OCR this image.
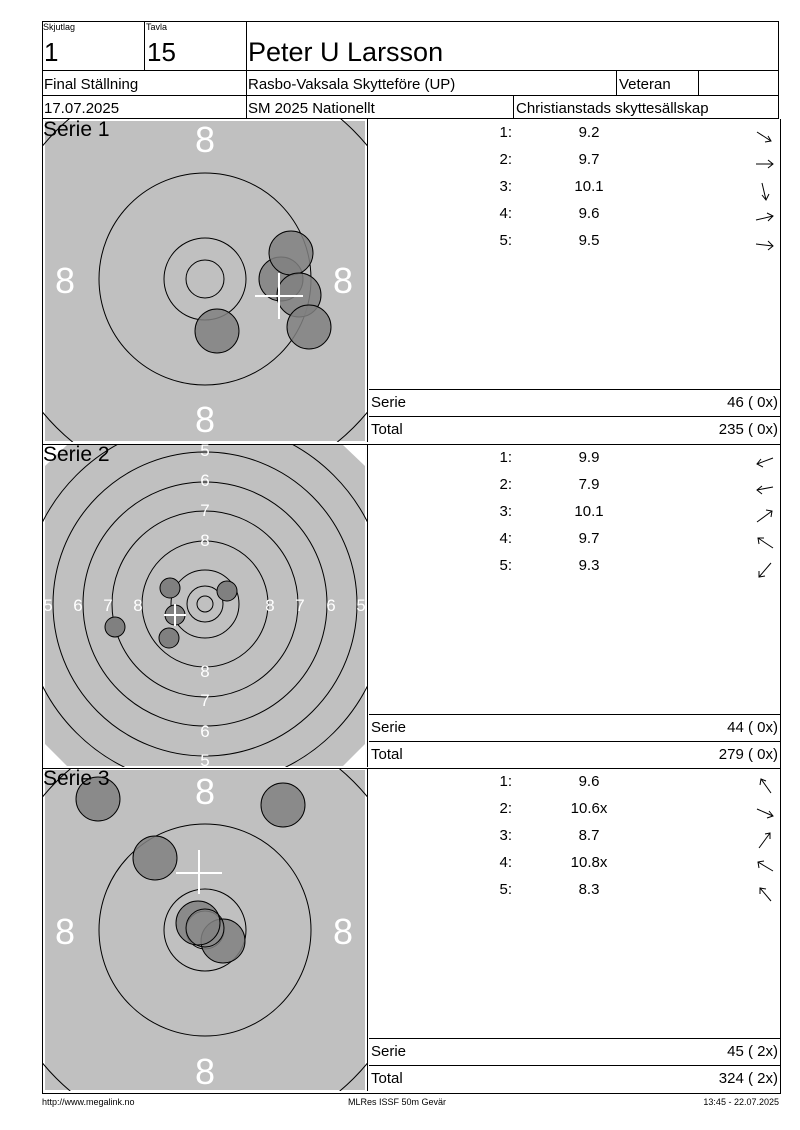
Skjutlag
1
Tavla
15	Peter U Larsson
Final Ställning	Rasbo-Vaksala Skytteföre (UP)	Veteran
17.07.2025	SM 2025 Nationellt	Christianstads skyttesällskap
8
8	8
8
Serie 1	1:	9.2
2:	9.7
3:	10.1
4:	9.6
5:	9.5
Serie	46 ( 0x)
Total	235 ( 0x)
5
6
7
8
8
7
6
5
5 6 7 8	8 7 6 5
Serie 2	1:	9.9
2:	7.9
3:	10.1
4:	9.7
5:	9.3
Serie	44 ( 0x)
Total	279 ( 0x)
8
8	8
8
Serie 3	1:	9.6
2:	10.6x
3:	8.7
4:	10.8x
5:	8.3
Serie	45 ( 2x)
Total	324 ( 2x)
http://www.megalink.no	MLRes ISSF 50m Gevär	13:45 - 22.07.2025
